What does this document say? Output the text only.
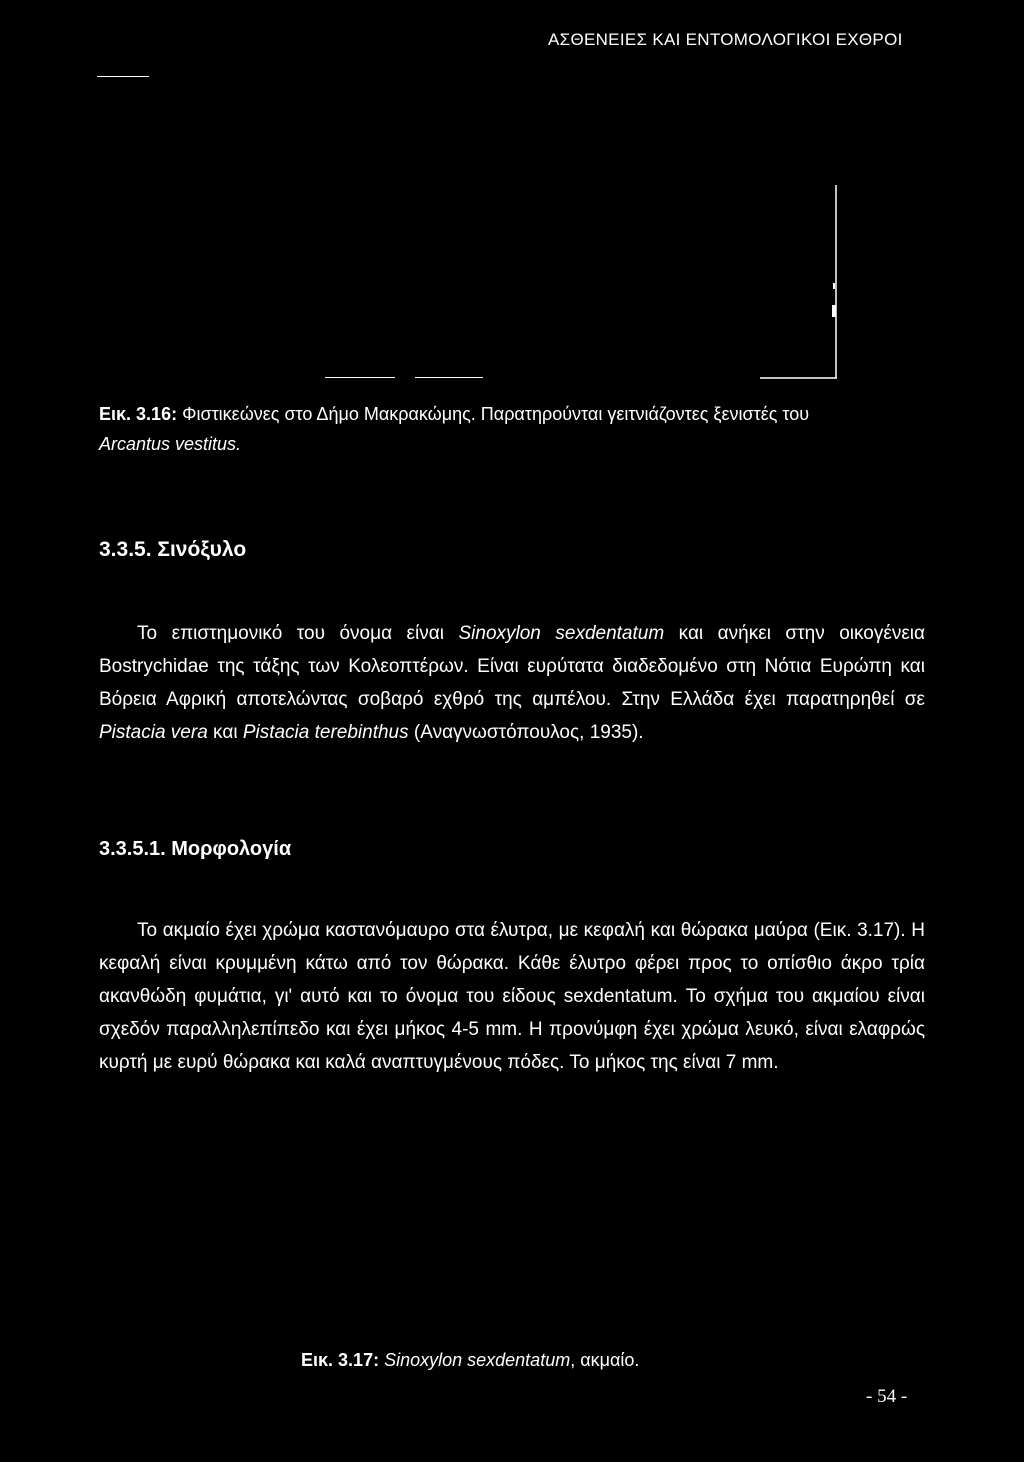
ΑΣΘΕΝΕΙΕΣ ΚΑΙ ΕΝΤΟΜΟΛΟΓΙΚΟΙ ΕΧΘΡΟΙ
Εικ. 3.16: Φιστικεώνες στο Δήμο Μακρακώμης. Παρατηρούνται γειτνιάζοντες ξενιστές του
Arcantus vestitus.
3.3.5. Σινόξυλο

Το επιστημονικό του όνομα είναι Sinoxylon sexdentatum και ανήκει στην οικογένεια Bostrychidae της τάξης των Κολεοπτέρων. Είναι ευρύτατα διαδεδομένο στη Νότια Ευρώπη και Βόρεια Αφρική αποτελώντας σοβαρό εχθρό της αμπέλου. Στην Ελλάδα έχει παρατηρηθεί σε Pistacia vera και Pistacia terebinthus (Αναγνωστόπουλος, 1935).

3.3.5.1. Μορφολογία

Το ακμαίο έχει χρώμα καστανόμαυρο στα έλυτρα, με κεφαλή και θώρακα μαύρα (Εικ. 3.17). Η κεφαλή είναι κρυμμένη κάτω από τον θώρακα. Κάθε έλυτρο φέρει προς το οπίσθιο άκρο τρία ακανθώδη φυμάτια, γι' αυτό και το όνομα του είδους sexdentatum. Το σχήμα του ακμαίου είναι σχεδόν παραλληλεπίπεδο και έχει μήκος 4-5 mm. Η προνύμφη έχει χρώμα λευκό, είναι ελαφρώς κυρτή με ευρύ θώρακα και καλά αναπτυγμένους πόδες. Το μήκος της είναι 7 mm.

Εικ. 3.17: Sinoxylon sexdentatum, ακμαίο.
- 54 -
